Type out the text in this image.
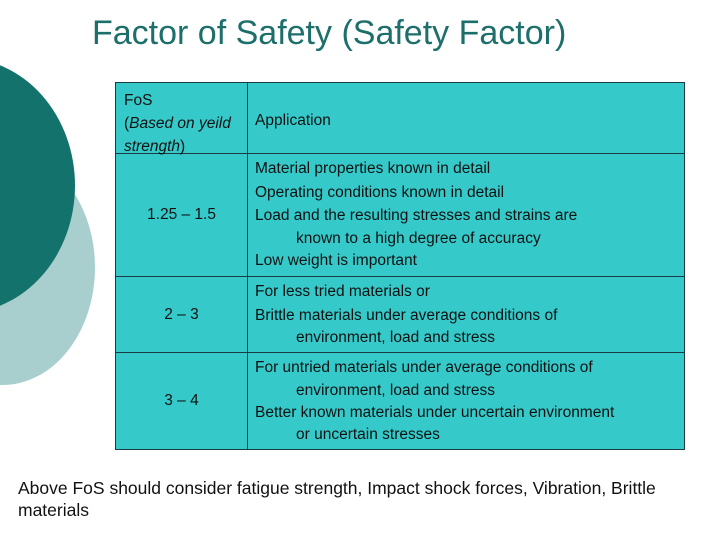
Factor of Safety (Safety Factor)
FoS
(Based on yeild strength)	Application

1.25 – 1.5	Material properties known in detail
Operating conditions known in detail
Load and the resulting stresses and strains are
known to a high degree of accuracy
Low weight is important

2 – 3	For less tried materials or
Brittle materials under average conditions of
environment, load and stress

3 – 4	For untried materials under average conditions of
environment, load and stress
Better known materials under uncertain environment
or uncertain stresses

Above FoS should consider fatigue strength, Impact shock forces, Vibration, Brittle materials
